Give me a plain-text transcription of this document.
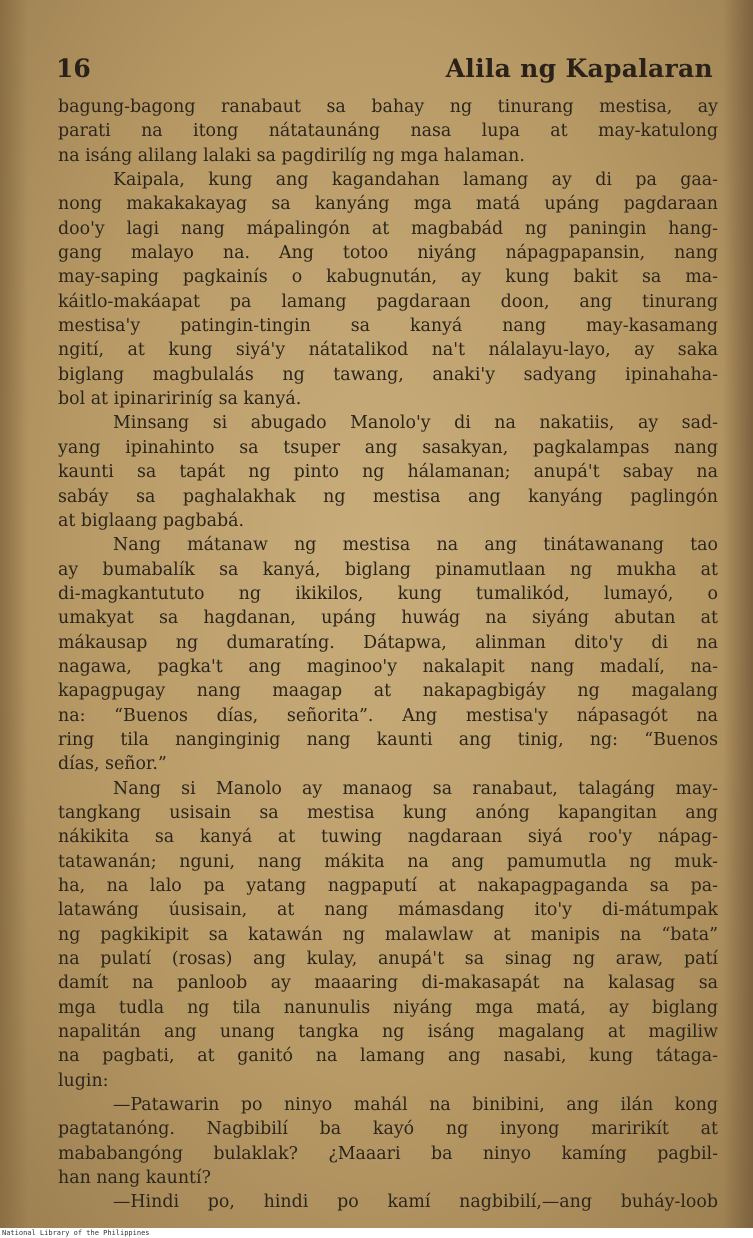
16	Alila ng Kapalaran
bagung-bagong ranabaut sa bahay ng tinurang mestisa, ay
parati na itong nátataunáng nasa lupa at may-katulong
na isáng alilang lalaki sa pagdirilíg ng mga halaman.
Kaipala, kung ang kagandahan lamang ay di pa gaa-
nong makakakayag sa kanyáng mga matá upáng pagdaraan
doo'y lagi nang mápalingón at magbabád ng paningin hang-
gang malayo na. Ang totoo niyáng nápagpapansin, nang
may-saping pagkainís o kabugnután, ay kung bakit sa ma-
káitlo-makáapat pa lamang pagdaraan doon, ang tinurang
mestisa'y patingin-tingin sa kanyá nang may-kasamang
ngití, at kung siyá'y nátatalikod na't nálalayu-layo, ay saka
biglang magbulalás ng tawang, anaki'y sadyang ipinahaha-
bol at ipinaririníg sa kanyá.
Minsang si abugado Manolo'y di na nakatiis, ay sad-
yang ipinahinto sa tsuper ang sasakyan, pagkalampas nang
kaunti sa tapát ng pinto ng hálamanan; anupá't sabay na
sabáy sa paghalakhak ng mestisa ang kanyáng paglingón
at biglaang pagbabá.
Nang mátanaw ng mestisa na ang tinátawanang tao
ay bumabalík sa kanyá, biglang pinamutlaan ng mukha at
di-magkantututo ng ikikilos, kung tumalikód, lumayó, o
umakyat sa hagdanan, upáng huwág na siyáng abutan at
mákausap ng dumaratíng. Dátapwa, alinman dito'y di na
nagawa, pagka't ang maginoo'y nakalapit nang madalí, na-
kapagpugay nang maagap at nakapagbigáy ng magalang
na: “Buenos días, señorita”. Ang mestisa'y nápasagót na
ring tila nanginginig nang kaunti ang tinig, ng: “Buenos
días, señor.”
Nang si Manolo ay manaog sa ranabaut, talagáng may-
tangkang usisain sa mestisa kung anóng kapangitan ang
nákikita sa kanyá at tuwing nagdaraan siyá roo'y nápag-
tatawanán; nguni, nang mákita na ang pamumutla ng muk-
ha, na lalo pa yatang nagpaputí at nakapagpaganda sa pa-
latawáng úusisain, at nang mámasdang ito'y di-mátumpak
ng pagkikipit sa katawán ng malawlaw at manipis na “bata”
na pulatí (rosas) ang kulay, anupá't sa sinag ng araw, patí
damít na panloob ay maaaring di-makasapát na kalasag sa
mga tudla ng tila nanunulis niyáng mga matá, ay biglang
napalitán ang unang tangka ng isáng magalang at magiliw
na pagbati, at ganitó na lamang ang nasabi, kung tátaga-
lugin:
—Patawarin po ninyo mahál na binibini, ang ilán kong
pagtatanóng. Nagbibilí ba kayó ng inyong maririkít at
mababangóng bulaklak? ¿Maaari ba ninyo kamíng pagbil-
han nang kauntí?
—Hindi po, hindi po kamí nagbibilí,—ang buháy-loob
National Library of the Philippines
